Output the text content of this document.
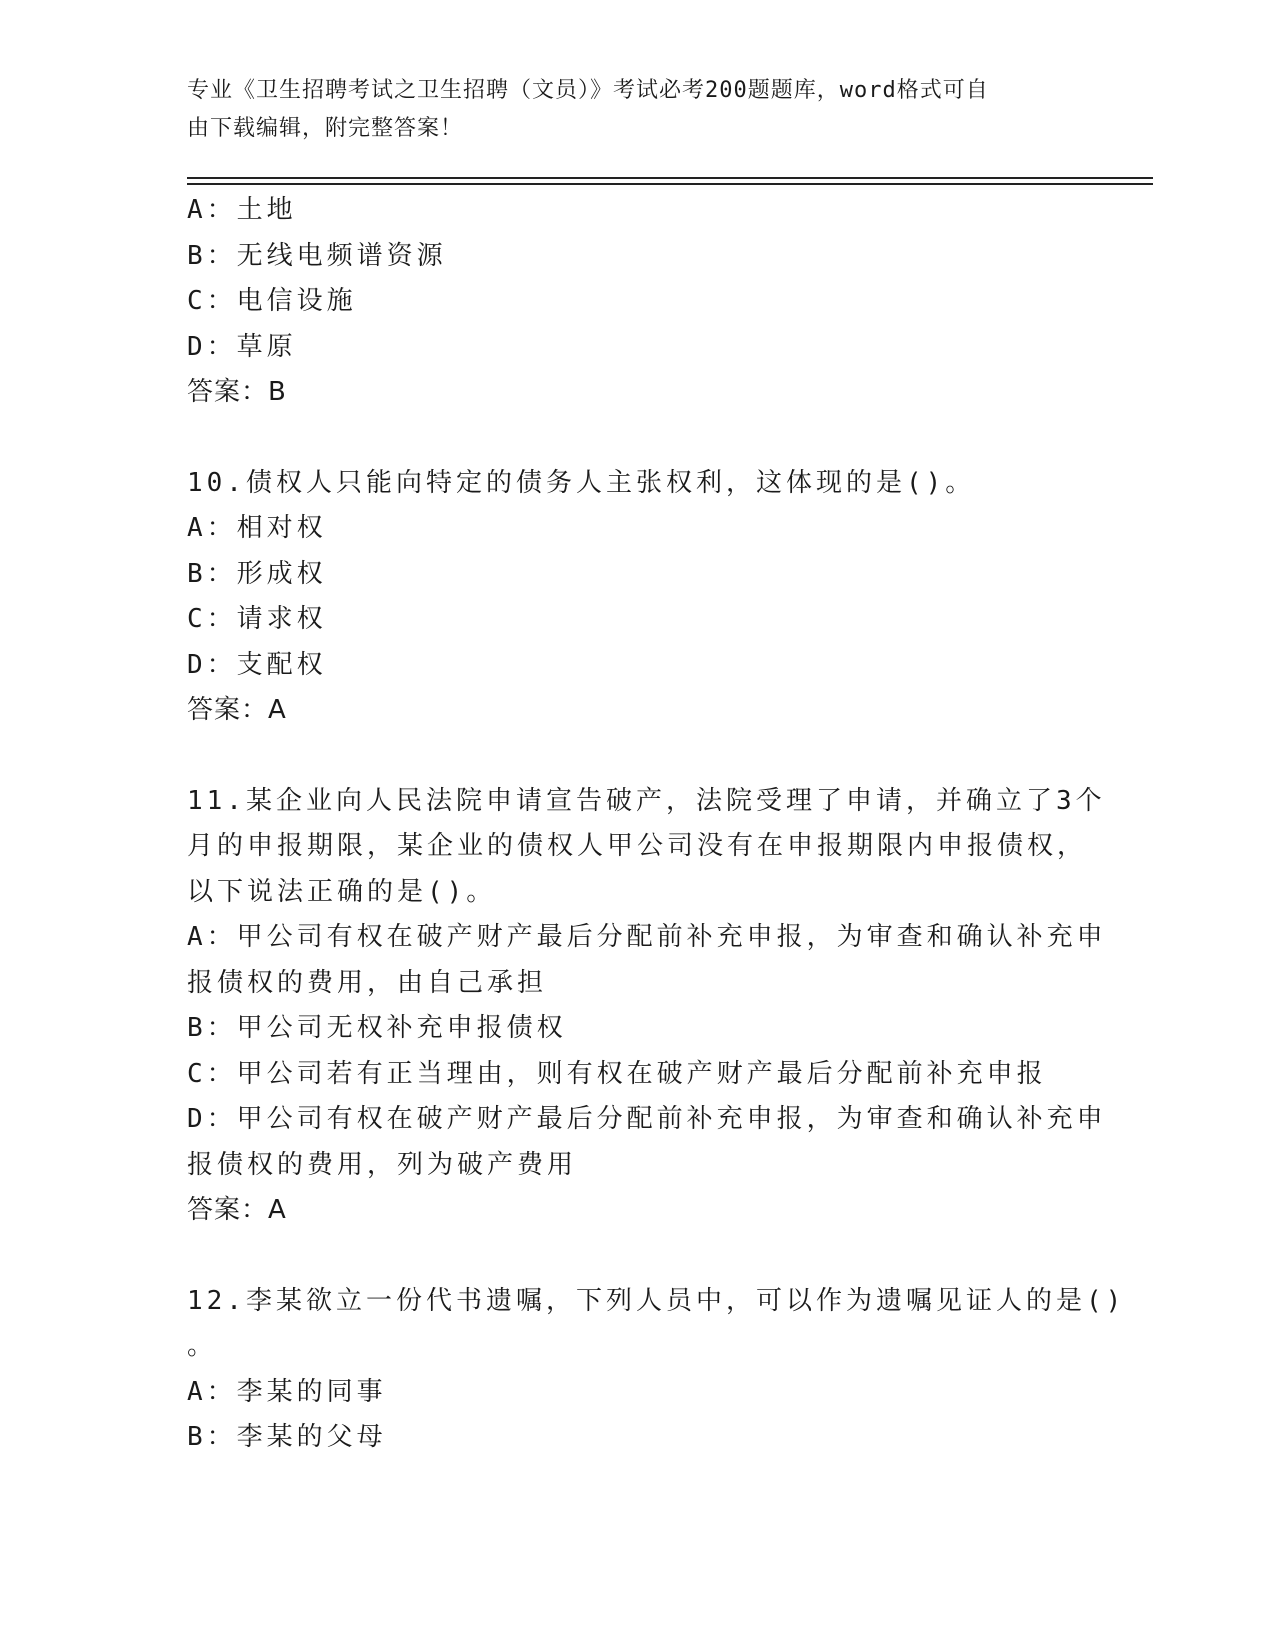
专业《卫生招聘考试之卫生招聘（文员）》考试必考200题题库，word格式可自
由下载编辑，附完整答案！
A：土地
B：无线电频谱资源
C：电信设施
D：草原
答案：B
10.债权人只能向特定的债务人主张权利，这体现的是()。
A：相对权
B：形成权
C：请求权
D：支配权
答案：A
11.某企业向人民法院申请宣告破产，法院受理了申请，并确立了3个
月的申报期限，某企业的债权人甲公司没有在申报期限内申报债权，
以下说法正确的是()。
A：甲公司有权在破产财产最后分配前补充申报，为审查和确认补充申
报债权的费用，由自己承担
B：甲公司无权补充申报债权
C：甲公司若有正当理由，则有权在破产财产最后分配前补充申报
D：甲公司有权在破产财产最后分配前补充申报，为审查和确认补充申
报债权的费用，列为破产费用
答案：A
12.李某欲立一份代书遗嘱，下列人员中，可以作为遗嘱见证人的是()
。
A：李某的同事
B：李某的父母
